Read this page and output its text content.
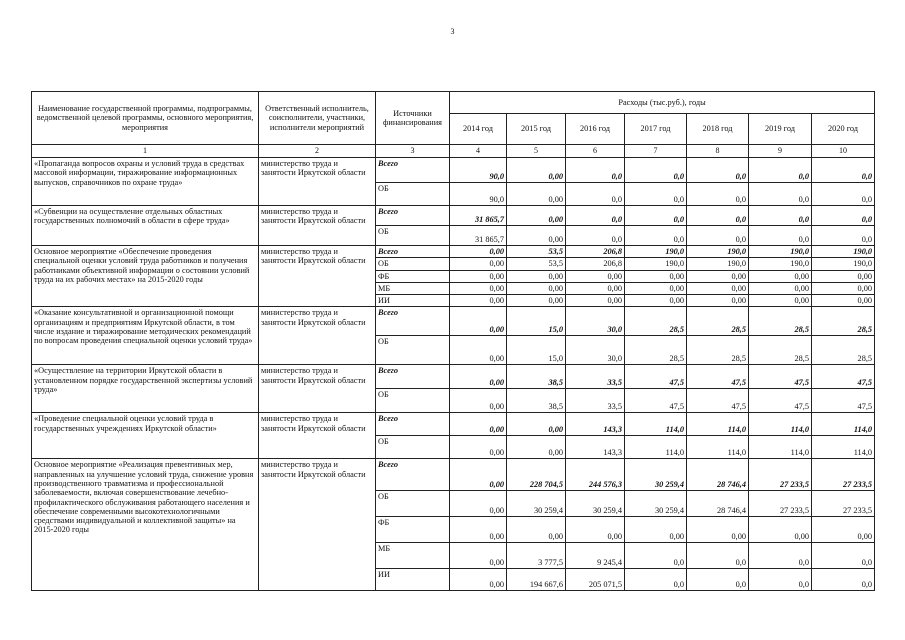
3
Наименование государственной программы, подпрограммы, ведомственной целевой программы, основного мероприятия, мероприятия	Ответственный исполнитель, соисполнители, участники, исполнители мероприятий	Источники финансирования	Расходы (тыс.руб.), годы						
			2014 год	2015 год	2016 год	2017 год	2018 год	2019 год	2020 год
1	2	3	4	5	6	7	8	9	10
«Пропаганда вопросов охраны и условий труда в средствах массовой информации, тиражирование информационных выпусков, справочников по охране труда»	министерство труда и занятости Иркутской области	Всего	90,0	0,00	0,0	0,0	0,0	0,0	0,0
		ОБ	90,0	0,00	0,0	0,0	0,0	0,0	0,0
«Субвенции на осуществление отдельных областных государственных полномочий в области в сфере труда»	министерство труда и занятости Иркутской области	Всего	31 865,7	0,00	0,0	0,0	0,0	0,0	0,0
		ОБ	31 865,7	0,00	0,0	0,0	0,0	0,0	0,0
Основное мероприятие «Обеспечение проведения специальной оценки условий труда работников и получения работниками объективной информации о состоянии условий труда на их рабочих местах» на 2015-2020 годы	министерство труда и занятости Иркутской области	Всего	0,00	53,5	206,8	190,0	190,0	190,0	190,0
		ОБ	0,00	53,5	206,8	190,0	190,0	190,0	190,0
		ФБ	0,00	0,00	0,00	0,00	0,00	0,00	0,00
		МБ	0,00	0,00	0,00	0,00	0,00	0,00	0,00
		ИИ	0,00	0,00	0,00	0,00	0,00	0,00	0,00
«Оказание консультативной и организационной помощи организациям и предприятиям Иркутской области, в том числе издание и тиражирование методических рекомендаций по вопросам проведения специальной оценки условий труда»	министерство труда и занятости Иркутской области	Всего	0,00	15,0	30,0	28,5	28,5	28,5	28,5
		ОБ	0,00	15,0	30,0	28,5	28,5	28,5	28,5
«Осуществление на территории Иркутской области в установленном порядке государственной экспертизы условий труда»	министерство труда и занятости Иркутской области	Всего	0,00	38,5	33,5	47,5	47,5	47,5	47,5
		ОБ	0,00	38,5	33,5	47,5	47,5	47,5	47,5
«Проведение специальной оценки условий труда в государственных учреждениях Иркутской области»	министерство труда и занятости Иркутской области	Всего	0,00	0,00	143,3	114,0	114,0	114,0	114,0
		ОБ	0,00	0,00	143,3	114,0	114,0	114,0	114,0
Основное мероприятие «Реализация превентивных мер, направленных на улучшение условий труда, снижение уровня производственного травматизма и профессиональной заболеваемости, включая совершенствование лечебно-профилактического обслуживания работающего населения и обеспечение современными высокотехнологичными средствами индивидуальной и коллективной защиты» на 2015-2020 годы	министерство труда и занятости Иркутской области	Всего	0,00	228 704,5	244 576,3	30 259,4	28 746,4	27 233,5	27 233,5
		ОБ	0,00	30 259,4	30 259,4	30 259,4	28 746,4	27 233,5	27 233,5
		ФБ	0,00	0,00	0,00	0,00	0,00	0,00	0,00
		МБ	0,00	3 777,5	9 245,4	0,0	0,0	0,0	0,0
		ИИ	0,00	194 667,6	205 071,5	0,0	0,0	0,0	0,0
